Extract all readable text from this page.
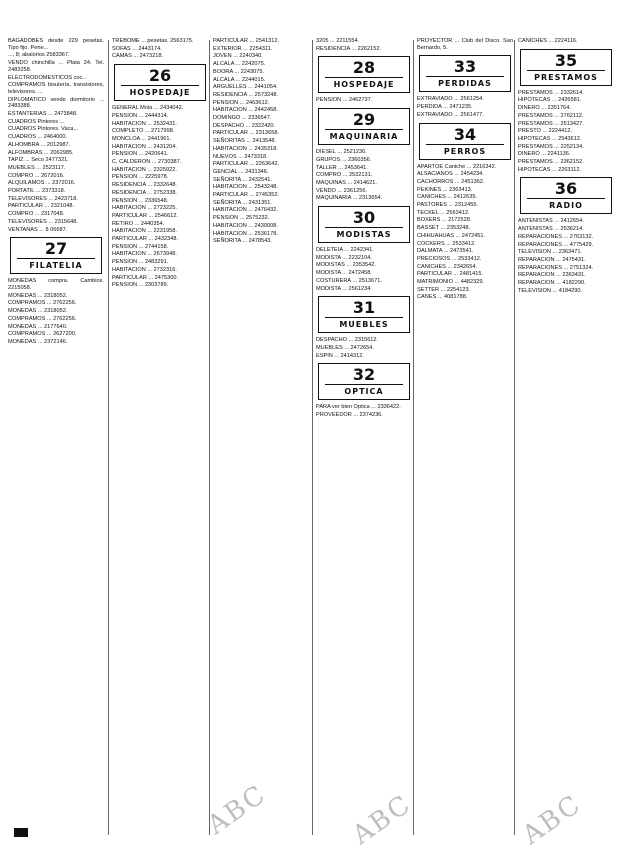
BAGADOBES desde 229 pesetas. Tipo fijo. Pene...
..., 8; abalorios 2583367.
VENDO chinchilla ... Plata 24. Tel. 2483258.
ELECTRODOMESTICOS coc...
COMPRAMOS bisutería, transistores, televisores, ...
DIPLOMATICO vende dormitorio ... 2483388.
ESTANTERIAS ... 2473848.
CUADROS Pintores ...
CUADROS Pintores. Vaca...
CUADROS ... 2464000.
ALHOMBRA ... 2012987.
ALFOMBRAS ... 2062985.
TAPIZ ... Seco 2477321.
MUEBLES ... 2523117.
COMPRO ... 2672016.
ALQUILAMOS ... 2372016.
PORTATIL ... 2373318.
TELEVISORES ... 2423718.
PARTICULAR ... 2321048.
COMPRO ... 2317048.
TELEVISORES ... 2315648.
VENTANAS ... 8 06687.
27
FILATELIA
MONEDAS compra. Cambios. 2215058.
MONEDAS ... 2318052.
COMPRAMOS ... 2762256.
MONEDAS ... 2318052.
COMPRAMOS ... 2762256.
MONEDAS ... 2177640.
COMPRAMOS ... 2627200.
MONEDAS ... 2372146.
TREBOME ... pesetas. 2563175.
SOFAS ... 2443174.
CAMAS ... 2473218.
26
HOSPEDAJE
GENERAL Mola ... 2434042.
PENSION ... 2444314.
HABITACION ... 2532431.
COMPLETO ... 2717998.
MONCLOA ... 2441961.
HABITACION ... 2431204.
PENSION ... 2420641.
C. CALDERON ... 2730387.
HABITACION ... 2325922.
PENSION ... 2225978.
RESIDENCIA ... 2332648.
RESIDENCIA ... 2752338.
PENSION ... 2336548.
HABITACION ... 2723225.
PARTICULAR ... 2546612.
RETIRO ... 2440354.
HABITACION ... 2231958.
PARTICULAR ... 2432348.
PENSION ... 2744158.
HABITACION ... 2673948.
PENSION ... 2483291.
HABITACION ... 2732316.
PARTICULAR ... 2475300.
PENSION ... 2303789.
PARTICULAR ... 2541312.
EXTERIOR ... 2254311.
JOVEN ... 2240340.
ALCALA ... 2242075.
BOORA ... 2243075.
ALCALA ... 2244015.
ARGUELLES ... 2441054.
RESIDENCIA ... 2573248.
PENSION ... 2463612.
HABITACION ... 2442458.
DOMINGO ... 2336547.
DESPACHO ... 2322420.
PARTICULAR ... 2313658.
SEÑORITAS ... 2413548.
HABITACION ... 2435318.
NUEVOS ... 2473318.
PARTICULAR ... 2263642.
GENCIAL ... 2431346.
SEÑORITA ... 2432541.
HABITACION ... 2543248.
PARTICULAR ... 2745352.
SEÑORITA ... 2431351.
HABITACION ... 2476432.
PENSION ... 2575232.
HABITACION ... 2430008.
HABITACION ... 2536178.
SEÑORITA ... 2478543.
3205 ... 2211554.
RESIDENCIA ... 2262152.
28
HOSPEDAJE
PENSION ... 2462737.
29
MAQUINARIA
DIESEL ... 2521236.
GRUPOS ... 2360356.
TALLER ... 2453641.
COMPRO ... 2532131.
MAQUINAS ... 2414621.
VENDO ... 2361256.
MAQUINARIA ... 2313654.
30
MODISTAS
DELETEIA ... 2242341.
MODISTA ... 2232104.
MODISTAS ... 2353542.
MODISTA ... 2472458.
COSTURERA ... 2513671.
MODISTA ... 2561234.
31
MUEBLES
DESPACHO ... 2315612.
MUEBLES ... 2472654.
ESPIN ... 2414312.
32
OPTICA
PARA ver bien Optica ... 2336422.
PROVEEDOR ... 2374236.
PROYECTOR ... Club del Disco. San Bernardo, 5.
33
PERDIDAS
EXTRAVIADO ... 2561254.
PERDIDA ... 2471235.
EXTRAVIADO ... 2561477.
34
PERROS
APARTOE Caniche ... 2216342.
ALSACIANOS ... 2454234.
CACHORROS ... 2451362.
PEKINES ... 2363413.
CANICHES ... 2412635.
PASTORES ... 2312455.
TECKEL ... 2563412.
BOXERS ... 2172528.
BASSET ... 2353248.
CHIHUAHUAS ... 2472451.
COCKERS ... 2533412.
DALMATA ... 2473541.
PRECIOSOS ... 2533412.
CANICHES ... 2342654.
PARTICULAR ... 2481415.
MATRIMONIO ... 4482329.
SETTER ... 2254123.
CANES ... 4081788.
CANICHES ... 2224116.
35
PRESTAMOS
PRESTAMOS ... 2332614.
HIPOTECAS ... 2426581.
DINERO ... 2351764.
PRESTAMOS ... 2762112.
PRESTAMOS ... 2513427.
PRESTO ... 2224412.
HIPOTECAS ... 2543612.
PRESTAMOS ... 2252134.
DINERO ... 2241136.
PRESTAMOS ... 2362152.
HIPOTECAS ... 2263112.
36
RADIO
ANTENISTAS ... 2412654.
ANTENISTAS ... 2536214.
REPARACIONES ... 2763132.
REPARACIONES ... 4775429.
TELEVISION ... 2363471.
REPARACION ... 2475431.
REPARACIONES ... 2751324.
REPARACION ... 2363431.
REPARACION ... 4182290.
TELEVISION ... 4184290.
ABC	ABC	ABC
